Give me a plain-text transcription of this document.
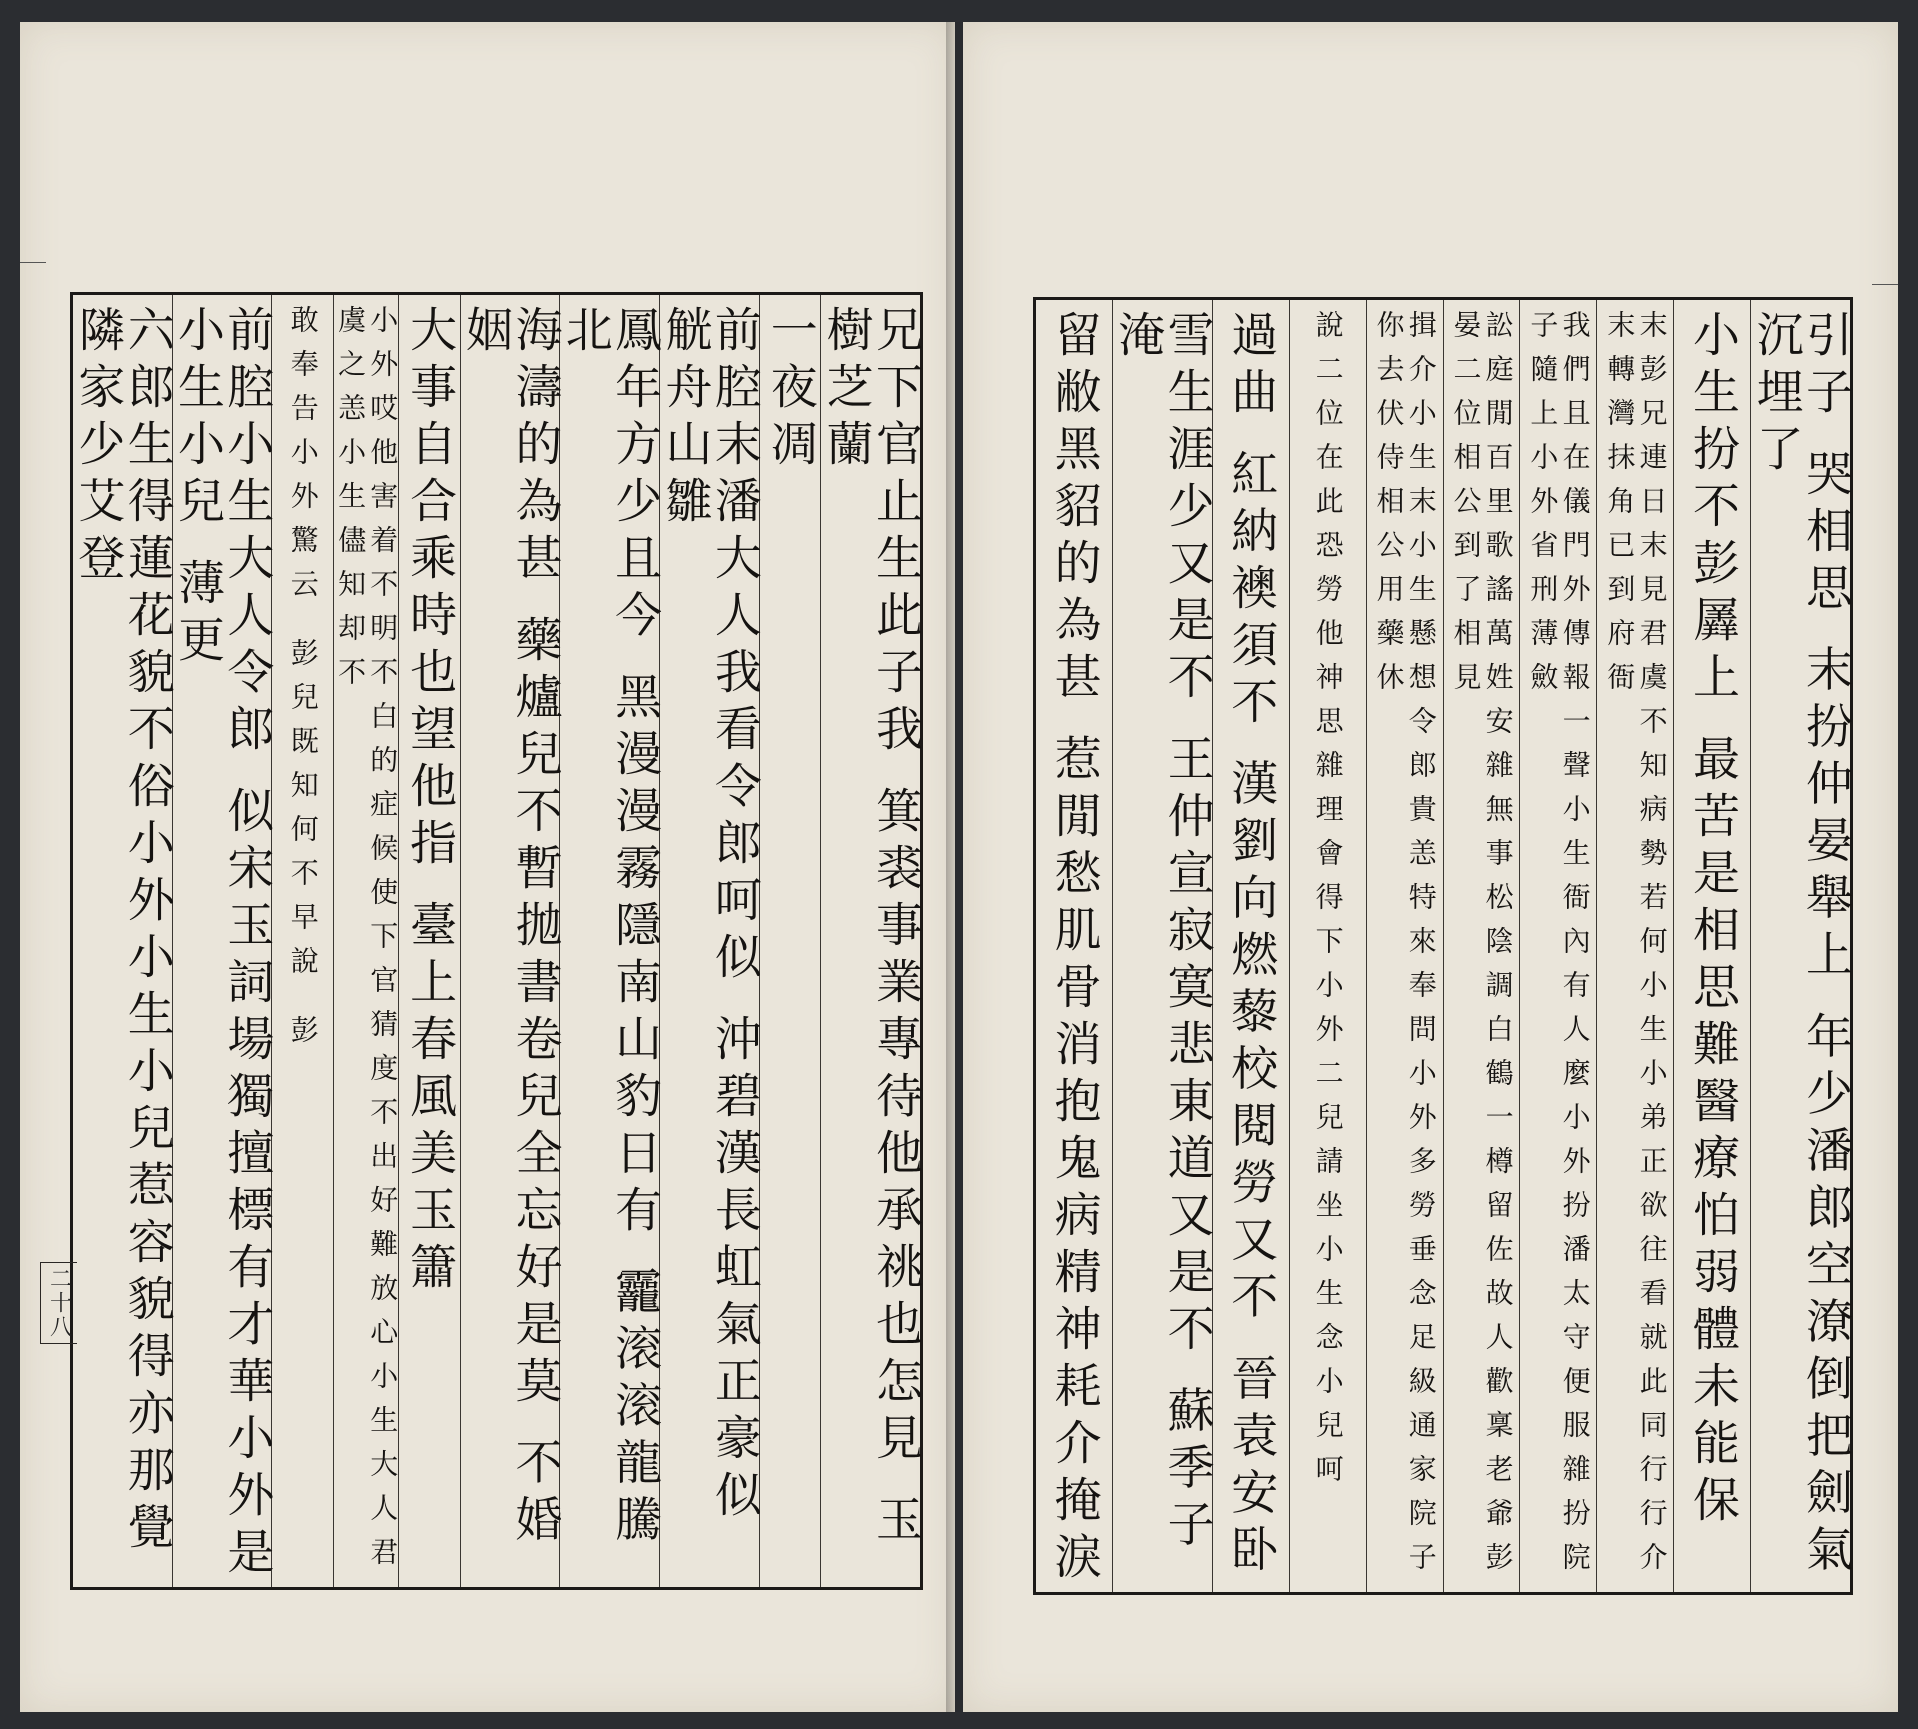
兄下官止生此子我 箕裘事業專待他承祧也怎見 玉樹芝蘭
一夜凋
前腔末潘大人我看令郎呵似 沖碧漢長虹氣正豪似 觥舟山雛
鳳年方少且今 黑漫漫霧隱南山豹日有 龗滚滚龍騰北
海濤的為甚 藥爐兒不暫拋書卷兒全忘好是莫 不婚姻
大事自合乘時也望他指 臺上春風美玉簫
小外哎他害着不明不白的症候使下官猜度不出好難放心小生大人君虞之恙小生儘知却不
敢奉告小外驚云 彭兒既知何不早說 彭
前腔小生大人令郎 似宋玉詞場獨擅標有才華小外是小生小兒 薄更
六郎生得蓮花貌不俗小外小生小兒惹容貌得亦那覺 隣家少艾登
二十八	引子 哭相思 末扮仲晏舉上 年少潘郎空潦倒把劍氣沉埋了
小生扮不彭羼上 最苦是相思難醫療怕弱體未能保
末彭兄連日末見君虞不知病勢若何小生小弟正欲往看就此同行行介末轉灣抹角已到府衙
我們且在儀門外傳報一聲小生衙內有人麼小外扮潘太守便服雜扮院子隨上小外省刑薄斂
訟庭閒百里歌謠萬姓安雜無事松陰調白鶴一樽留佐故人歡稟老爺彭晏二位相公到了相見
揖介小生末小生懸想令郎貴恙特來奉問小外多勞垂念足級通家院子你去伏侍相公用藥休
說二位在此恐勞他神思雜理會得下小外二兒請坐小生念小兒呵
過曲 紅納襖須不 漢劉向燃藜校閱勞又不 晉袁安卧
雪生涯少又是不 王仲宣寂寞悲東道又是不 蘇季子淹
留敝黑貂的為甚 惹閒愁肌骨消抱鬼病精神耗介掩淚
